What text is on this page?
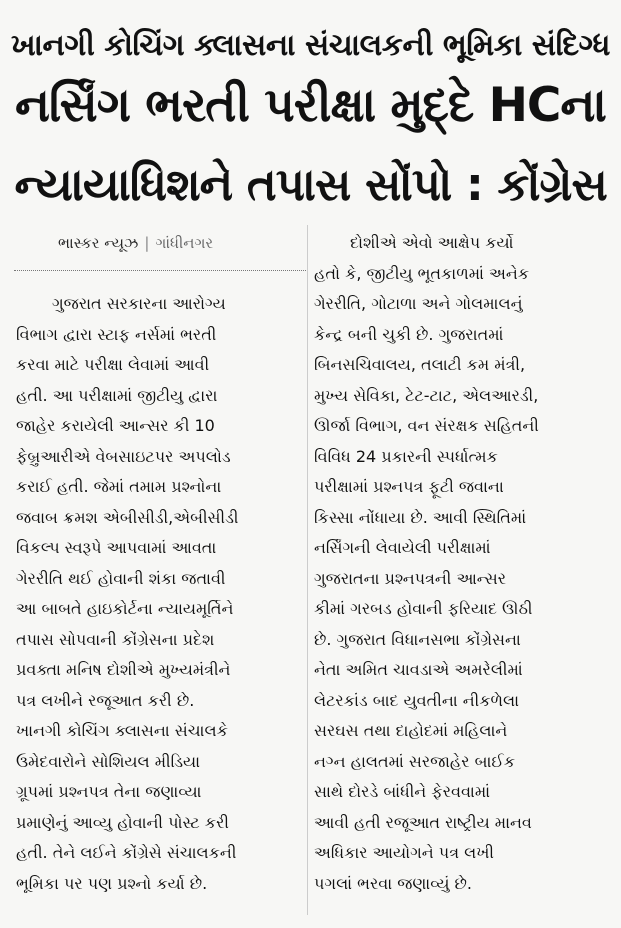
ખાનગી કોચિંગ ક્લાસના સંચાલકની ભૂમિકા સંદિગ્ધ
નર્સિંગ ભરતી પરીક્ષા મુદ્દે HCના
ન્યાયાધિશને તપાસ સોંપો : કોંગ્રેસ
ભાસ્કર ન્યૂઝ | ગાંધીનગર
ગુજરાત સરકારના આરોગ્ય
વિભાગ દ્વારા સ્ટાફ નર્સમાં ભરતી
કરવા માટે પરીક્ષા લેવામાં આવી
હતી. આ પરીક્ષામાં જીટીયુ દ્વારા
જાહેર કરાયેલી આન્સર કી 10
ફેબ્રુઆરીએ વેબસાઇટપર અપલોડ
કરાઈ હતી. જેમાં તમામ પ્રશ્નોના
જવાબ ક્રમશ એબીસીડી,એબીસીડી
વિકલ્પ સ્વરૂપે આપવામાં આવતા
ગેરરીતિ થઈ હોવાની શંકા જતાવી
આ બાબતે હાઇકોર્ટના ન્યાયમૂર્તિને
તપાસ સોપવાની કોંગ્રેસના પ્રદેશ
પ્રવક્તા મનિષ દોશીએ મુખ્યમંત્રીને
પત્ર લખીને રજૂઆત કરી છે.
ખાનગી કોચિંગ ક્લાસના સંચાલકે
ઉમેદવારોને સોશિયલ મીડિયા
ગ્રૂપમાં પ્રશ્નપત્ર તેના જણાવ્યા
પ્રમાણેનું આવ્યુ હોવાની પોસ્ટ કરી
હતી. તેને લઈને કોંગ્રેસે સંચાલકની
ભૂમિકા પર પણ પ્રશ્નો કર્યા છે.
દોશીએ એવો આક્ષેપ કર્યો
હતો કે, જીટીયુ ભૂતકાળમાં અનેક
ગેરરીતિ, ગોટાળા અને ગોલમાલનું
કેન્દ્ર બની ચુકી છે. ગુજરાતમાં
બિનસચિવાલય, તલાટી કમ મંત્રી,
મુખ્ય સેવિકા, ટેટ-ટાટ, એલઆરડી,
ઊર્જા વિભાગ, વન સંરક્ષક સહિતની
વિવિધ 24 પ્રકારની સ્પર્ધાત્મક
પરીક્ષામાં પ્રશ્નપત્ર ફૂટી જવાના
કિસ્સા નોંધાયા છે. આવી સ્થિતિમાં
નર્સિંગની લેવાયેલી પરીક્ષામાં
ગુજરાતના પ્રશ્નપત્રની આન્સર
કીમાં ગરબડ હોવાની ફરિયાદ ઊઠી
છે. ગુજરાત વિધાનસભા કોંગ્રેસના
નેતા અમિત ચાવડાએ અમરેલીમાં
લેટરકાંડ બાદ યુવતીના નીકળેલા
સરઘસ તથા દાહોદમાં મહિલાને
નગ્ન હાલતમાં સરજાહેર બાઈક
સાથે દોરડે બાંધીને ફેરવવામાં
આવી હતી રજૂઆત રાષ્ટ્રીય માનવ
અધિકાર આયોગને પત્ર લખી
પગલાં ભરવા જણાવ્યું છે.
